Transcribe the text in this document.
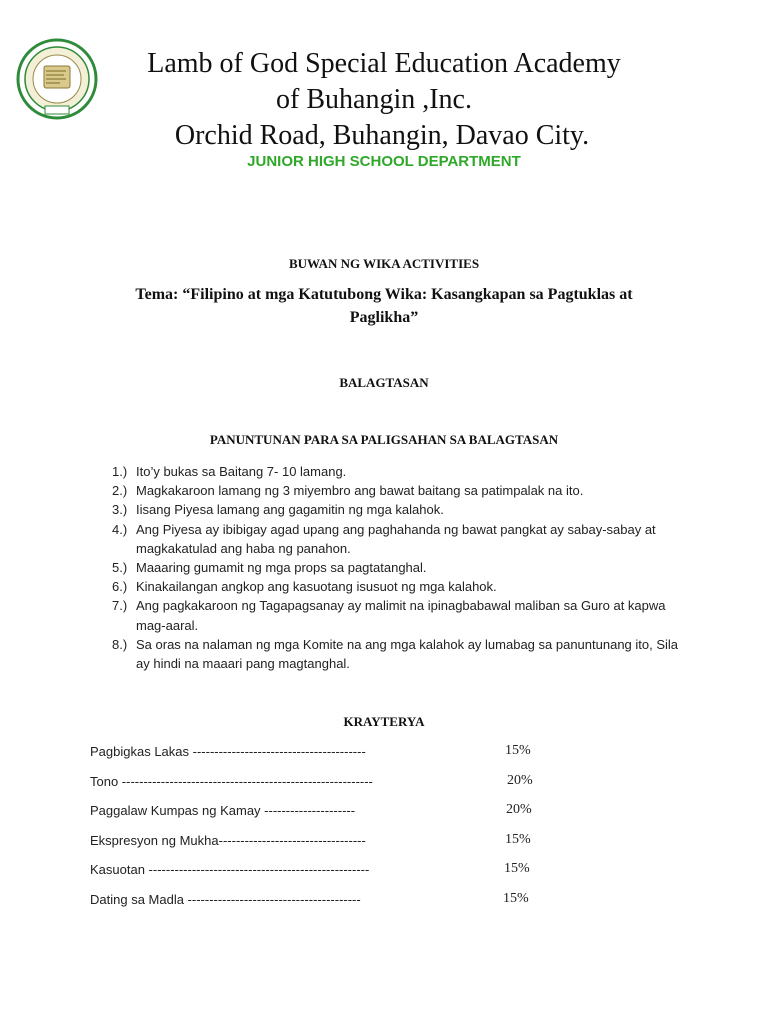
Lamb of God Special Education Academy
of Buhangin ,Inc.
Orchid Road, Buhangin, Davao City.
JUNIOR HIGH SCHOOL DEPARTMENT
BUWAN NG WIKA ACTIVITIES
Tema: “Filipino at mga Katutubong Wika: Kasangkapan sa Pagtuklas at
Paglikha”
BALAGTASAN
PANUNTUNAN PARA SA PALIGSAHAN SA BALAGTASAN
1.) Ito’y bukas sa Baitang 7- 10 lamang.
2.) Magkakaroon lamang ng 3 miyembro ang bawat baitang sa patimpalak na ito.
3.) Iisang Piyesa lamang ang gagamitin ng mga kalahok.
4.) Ang Piyesa ay ibibigay agad upang ang paghahanda ng bawat pangkat ay sabay-sabay at magkakatulad ang haba ng panahon.
5.) Maaaring gumamit ng mga props sa pagtatanghal.
6.) Kinakailangan angkop ang kasuotang isusuot ng mga kalahok.
7.) Ang pagkakaroon ng Tagapagsanay ay malimit na ipinagbabawal maliban sa Guro at kapwa mag-aaral.
8.) Sa oras na nalaman ng mga Komite na ang mga kalahok ay lumabag sa panuntunang ito, Sila ay hindi na maaari pang magtanghal.
KRAYTERYA
Pagbigkas Lakas ----------------------------------------	15%
Tono ----------------------------------------------------------	20%
Paggalaw Kumpas ng Kamay ---------------------	20%
Ekspresyon ng Mukha----------------------------------	15%
Kasuotan ---------------------------------------------------	15%
Dating sa Madla ----------------------------------------	15%
